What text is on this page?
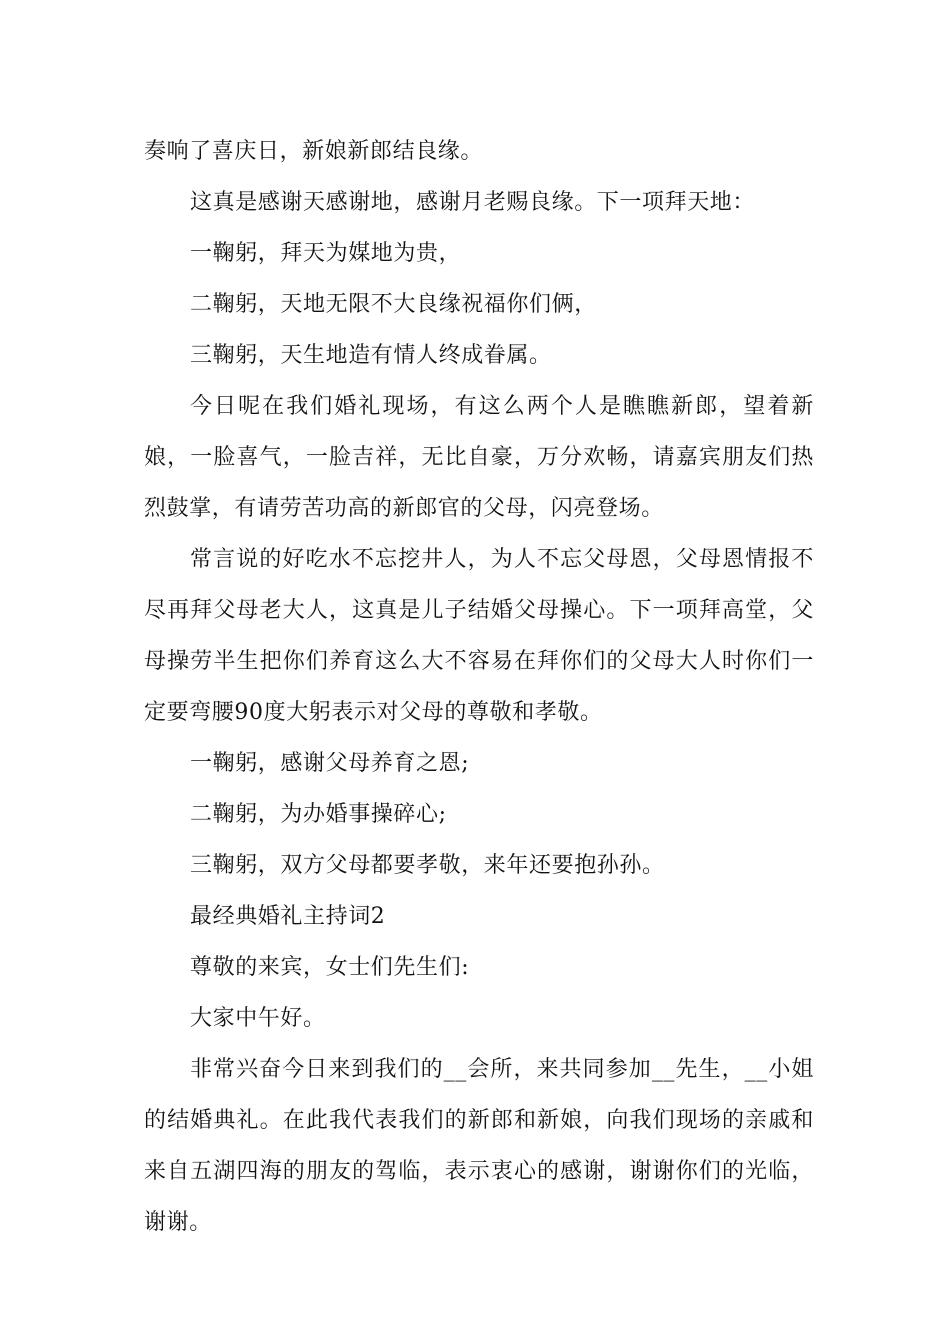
奏响了喜庆日，新娘新郎结良缘。

这真是感谢天感谢地，感谢月老赐良缘。下一项拜天地：

一鞠躬，拜天为媒地为贵，

二鞠躬，天地无限不大良缘祝福你们俩，

三鞠躬，天生地造有情人终成眷属。

今日呢在我们婚礼现场，有这么两个人是瞧瞧新郎，望着新娘，一脸喜气，一脸吉祥，无比自豪，万分欢畅，请嘉宾朋友们热烈鼓掌，有请劳苦功高的新郎官的父母，闪亮登场。

常言说的好吃水不忘挖井人，为人不忘父母恩，父母恩情报不尽再拜父母老大人，这真是儿子结婚父母操心。下一项拜高堂，父母操劳半生把你们养育这么大不容易在拜你们的父母大人时你们一定要弯腰90度大躬表示对父母的尊敬和孝敬。

一鞠躬，感谢父母养育之恩;

二鞠躬，为办婚事操碎心;

三鞠躬，双方父母都要孝敬，来年还要抱孙孙。

最经典婚礼主持词2

尊敬的来宾，女士们先生们:

大家中午好。

非常兴奋今日来到我们的__会所，来共同参加__先生，__小姐的结婚典礼。在此我代表我们的新郎和新娘，向我们现场的亲戚和来自五湖四海的朋友的驾临，表示衷心的感谢，谢谢你们的光临，谢谢。
